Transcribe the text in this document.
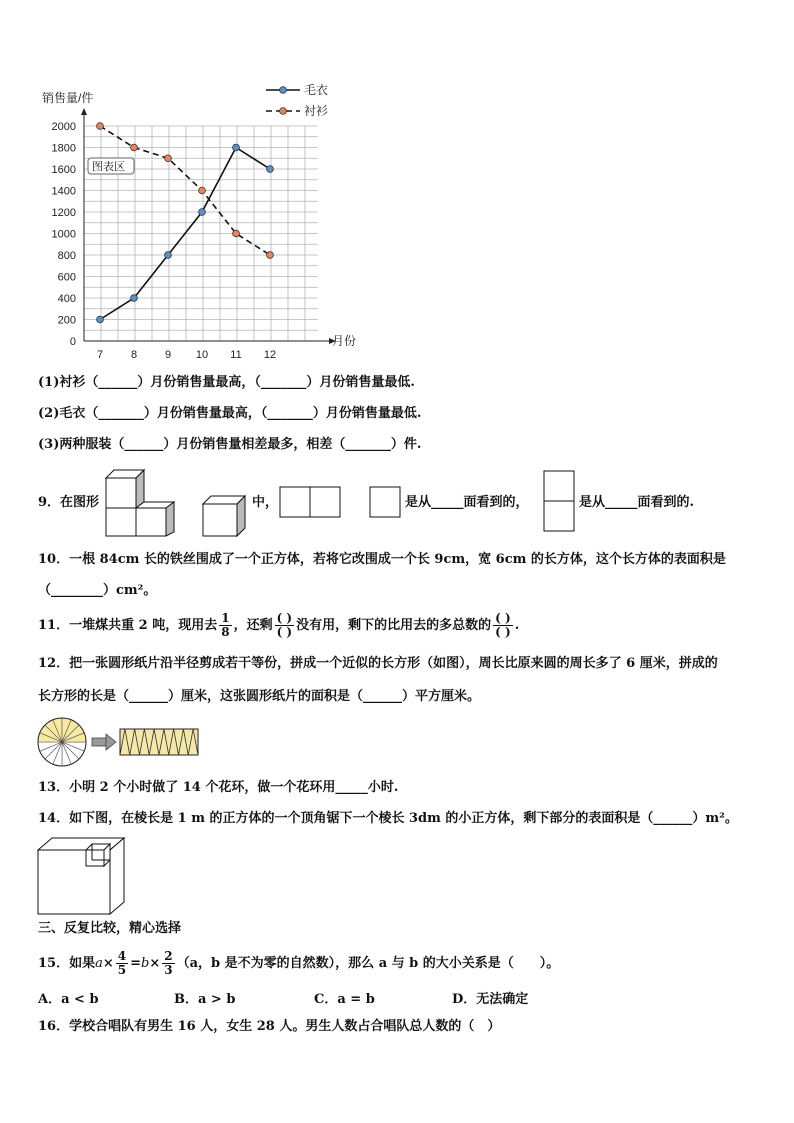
0
200
400
600
800
1000
1200
1400
1600
1800
2000
7	8	9 10 11 12
销售量/件
月份
图表区
毛衣
衬衫
(1)衬衫（______）月份销售量最高，（_______）月份销售量最低.
(2)毛衣（_______）月份销售量最高，（_______）月份销售量最低.
(3)两种服装（______）月份销售量相差最多，相差（_______）件.
9．在图形	中，	是从_____面看到的，	是从_____面看到的.
10．一根 84cm 长的铁丝围成了一个正方体，若将它改围成一个长 9cm，宽 6cm 的长方体，这个长方体的表面积是
（________）cm²。
11．一堆煤共重 2 吨，现用去 $\frac{1}{8}$ ，还剩 $\frac{( )}{( )}$ 没有用，剩下的比用去的多总数的 $\frac{( )}{( )}$ .
12．把一张圆形纸片沿半径剪成若干等份，拼成一个近似的长方形（如图），周长比原来圆的周长多了 6 厘米，拼成的
长方形的长是（______）厘米，这张圆形纸片的面积是（______）平方厘米。
13．小明 2 个小时做了 14 个花环，做一个花环用_____小时.
14．如下图，在棱长是 1 m 的正方体的一个顶角锯下一个棱长 3dm 的小正方体，剩下部分的表面积是（______）m²。
三、反复比较，精心选择
15．如果$a\times \frac{4}{5} =b\times \frac{2}{3} (a$，b 是不为零的自然数），那么 a 与 b 的大小关系是（　　）。
A．a < b	B．a > b	C．a = b	D．无法确定
16．学校合唱队有男生 16 人，女生 28 人。男生人数占合唱队总人数的（　）
